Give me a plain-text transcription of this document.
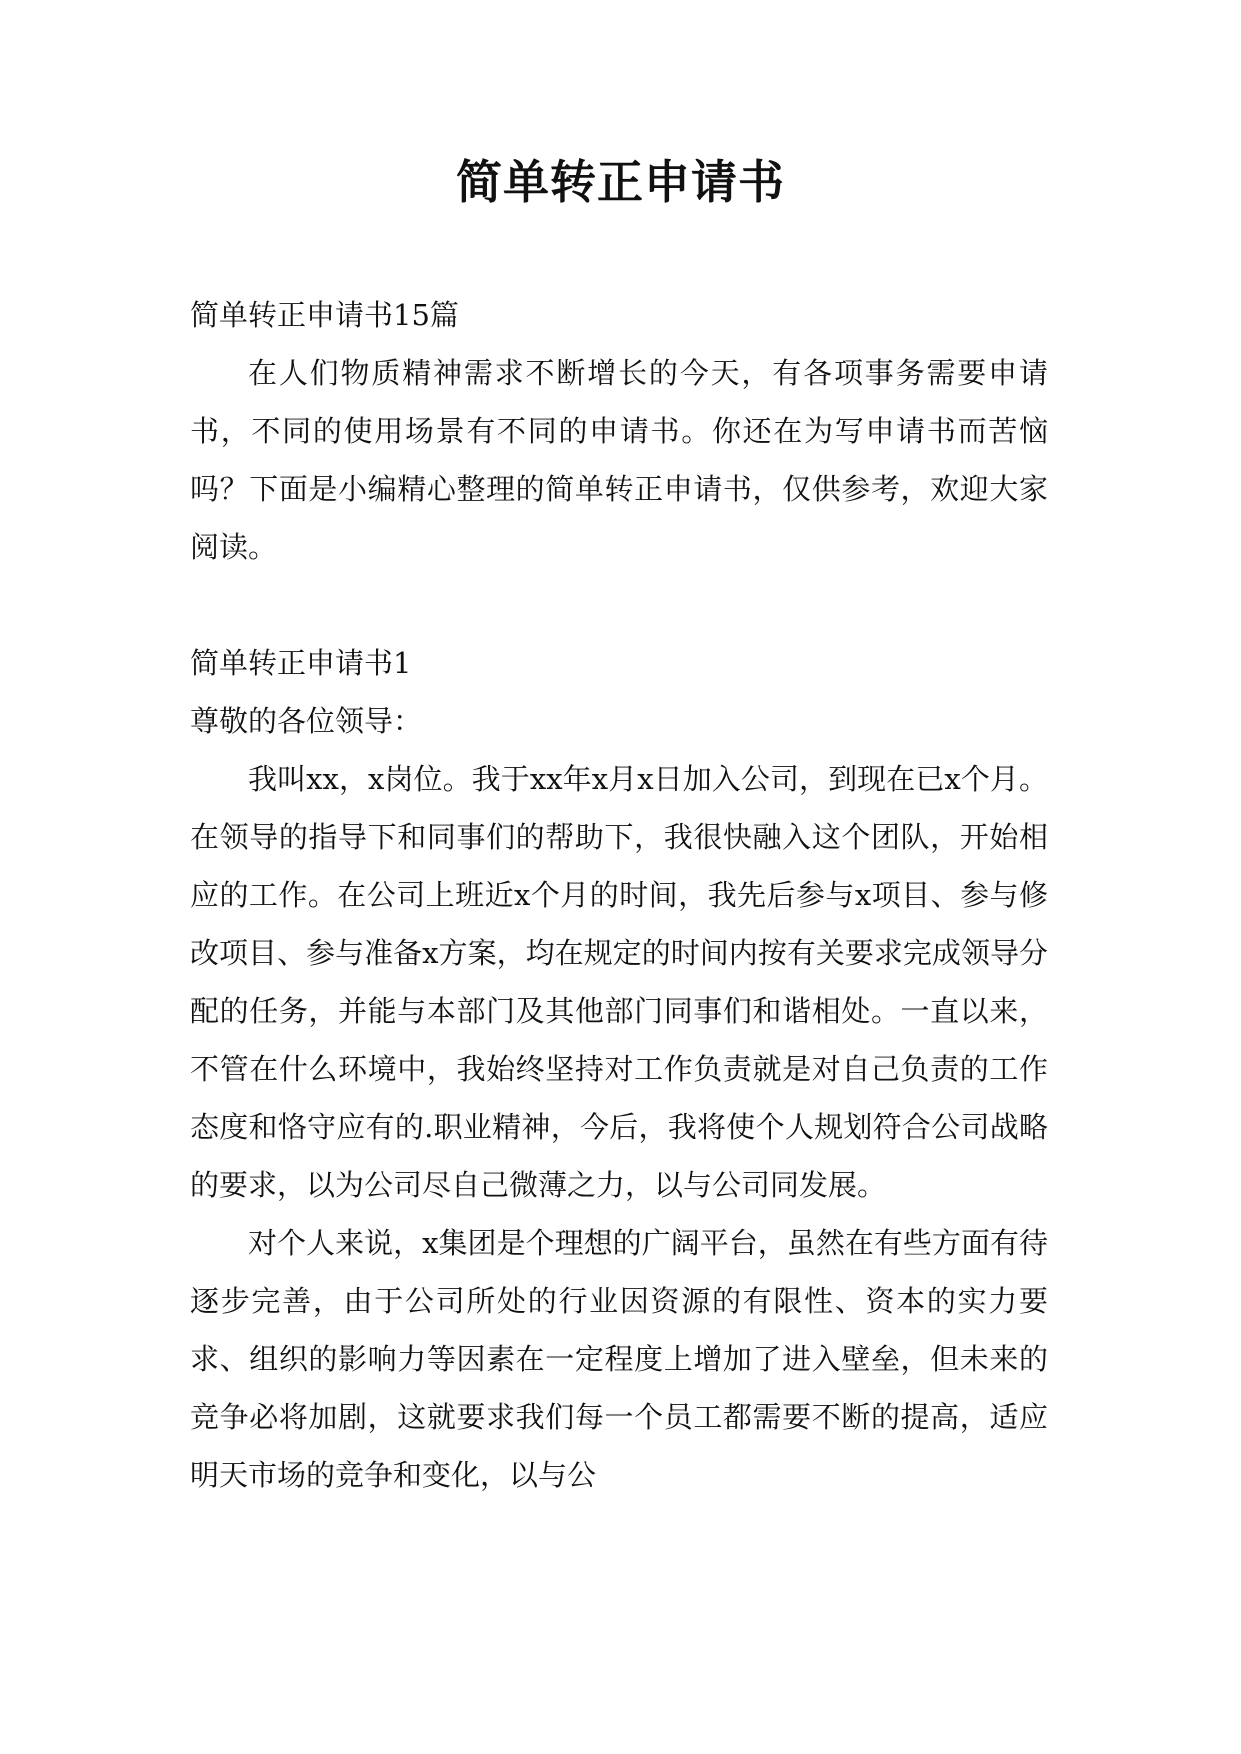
简单转正申请书

简单转正申请书15篇

在人们物质精神需求不断增长的今天，有各项事务需要申请书，不同的使用场景有不同的申请书。你还在为写申请书而苦恼吗？下面是小编精心整理的简单转正申请书，仅供参考，欢迎大家阅读。

简单转正申请书1

尊敬的各位领导：

我叫xx，x岗位。我于xx年x月x日加入公司，到现在已x个月。在领导的指导下和同事们的帮助下，我很快融入这个团队，开始相应的工作。在公司上班近x个月的时间，我先后参与x项目、参与修改项目、参与准备x方案，均在规定的时间内按有关要求完成领导分配的任务，并能与本部门及其他部门同事们和谐相处。一直以来，不管在什么环境中，我始终坚持对工作负责就是对自己负责的工作态度和恪守应有的.职业精神，今后，我将使个人规划符合公司战略的要求，以为公司尽自己微薄之力，以与公司同发展。

对个人来说，x集团是个理想的广阔平台，虽然在有些方面有待逐步完善，由于公司所处的行业因资源的有限性、资本的实力要求、组织的影响力等因素在一定程度上增加了进入壁垒，但未来的竞争必将加剧，这就要求我们每一个员工都需要不断的提高，适应明天市场的竞争和变化，以与公
